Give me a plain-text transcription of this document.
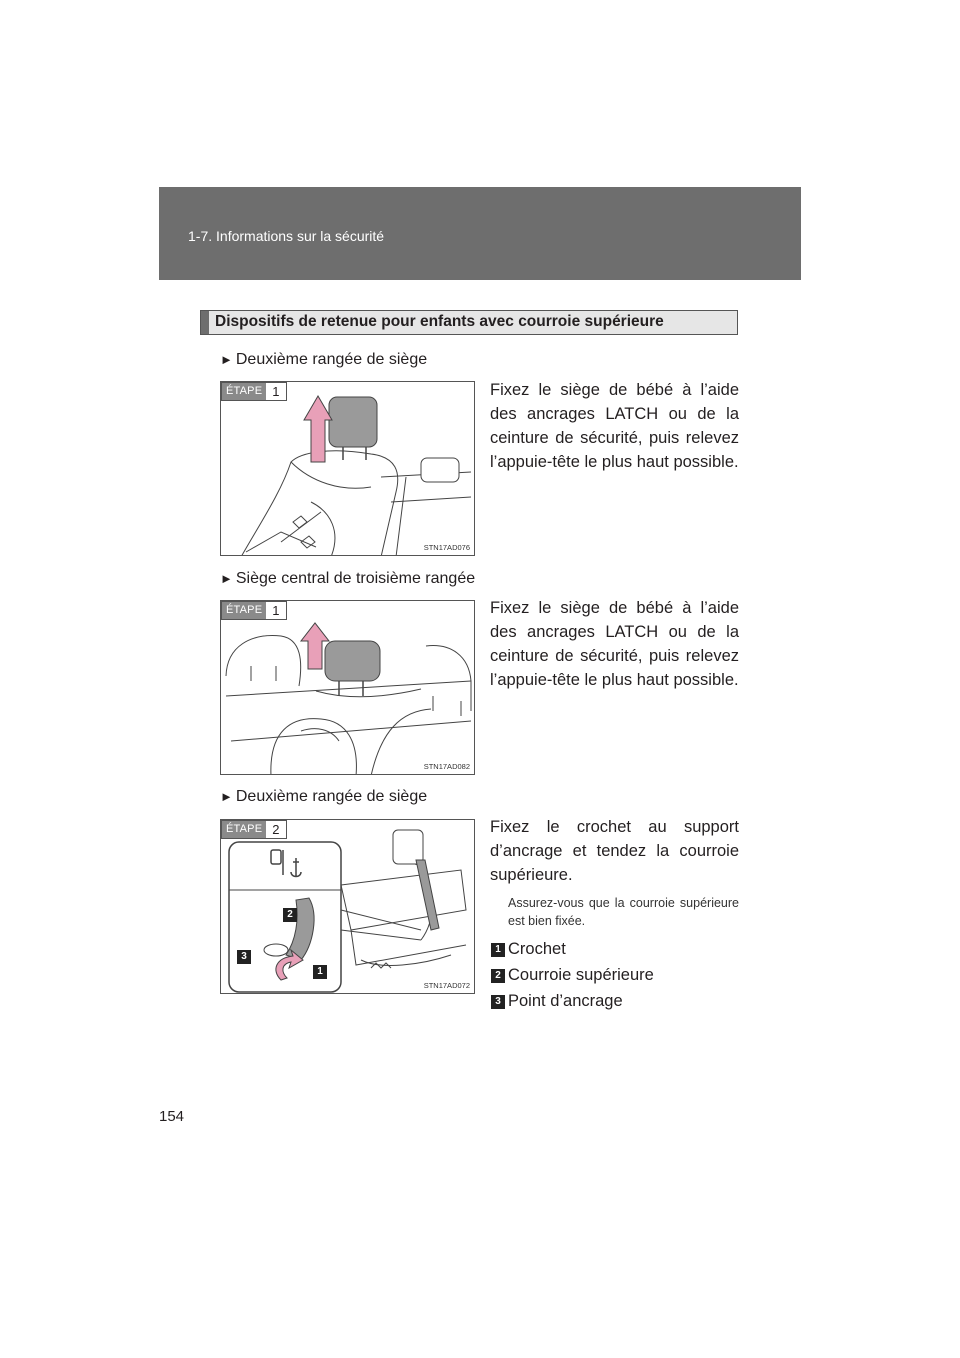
1-7. Informations sur la sécurité
Dispositifs de retenue pour enfants avec courroie supérieure
► Deuxième rangée de siège
ÉTAPE 1
STN17AD076
Fixez le siège de bébé à l’aide des ancrages LATCH ou de la ceinture de sécurité, puis relevez l’appuie-tête le plus haut possible.
► Siège central de troisième rangée
ÉTAPE 1
STN17AD082
Fixez le siège de bébé à l’aide des ancrages LATCH ou de la ceinture de sécurité, puis relevez l’appuie-tête le plus haut possible.
► Deuxième rangée de siège
ÉTAPE 2
2
3
1
STN17AD072
Fixez le crochet au support d’ancrage et tendez la courroie supérieure.
Assurez-vous que la courroie supérieure est bien fixée.
1 Crochet
2 Courroie supérieure
3 Point d’ancrage
154
